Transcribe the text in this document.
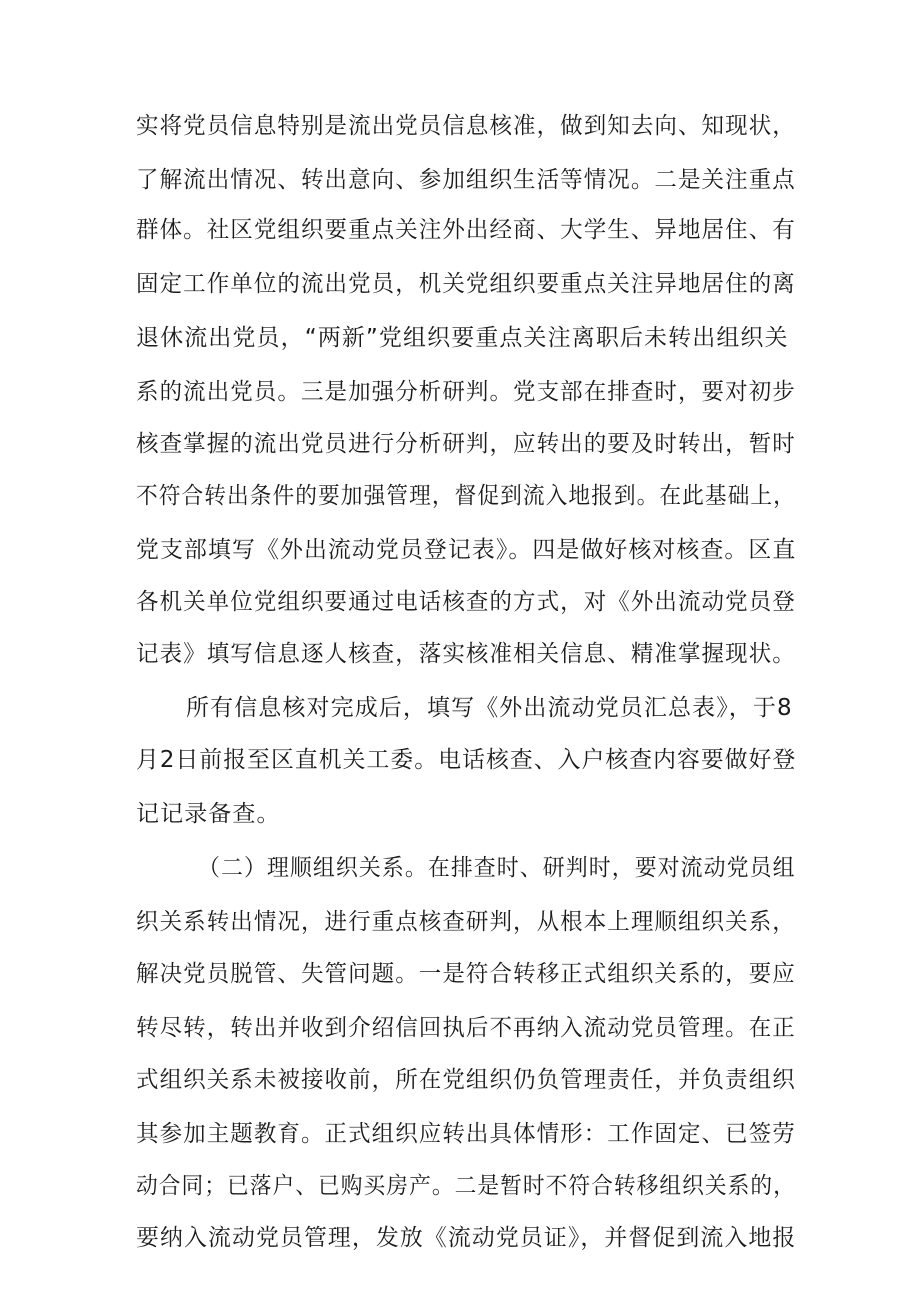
实将党员信息特别是流出党员信息核准，做到知去向、知现状，
了解流出情况、转出意向、参加组织生活等情况。二是关注重点
群体。社区党组织要重点关注外出经商、大学生、异地居住、有
固定工作单位的流出党员，机关党组织要重点关注异地居住的离
退休流出党员，“两新”党组织要重点关注离职后未转出组织关
系的流出党员。三是加强分析研判。党支部在排查时，要对初步
核查掌握的流出党员进行分析研判，应转出的要及时转出，暂时
不符合转出条件的要加强管理，督促到流入地报到。在此基础上，
党支部填写《外出流动党员登记表》。四是做好核对核查。区直
各机关单位党组织要通过电话核查的方式，对《外出流动党员登
记表》填写信息逐人核查，落实核准相关信息、精准掌握现状。
所有信息核对完成后，填写《外出流动党员汇总表》，于8
月2日前报至区直机关工委。电话核查、入户核查内容要做好登
记记录备查。
（二）理顺组织关系。在排查时、研判时，要对流动党员组
织关系转出情况，进行重点核查研判，从根本上理顺组织关系，
解决党员脱管、失管问题。一是符合转移正式组织关系的，要应
转尽转，转出并收到介绍信回执后不再纳入流动党员管理。在正
式组织关系未被接收前，所在党组织仍负管理责任，并负责组织
其参加主题教育。正式组织应转出具体情形：工作固定、已签劳
动合同；已落户、已购买房产。二是暂时不符合转移组织关系的，
要纳入流动党员管理，发放《流动党员证》，并督促到流入地报
